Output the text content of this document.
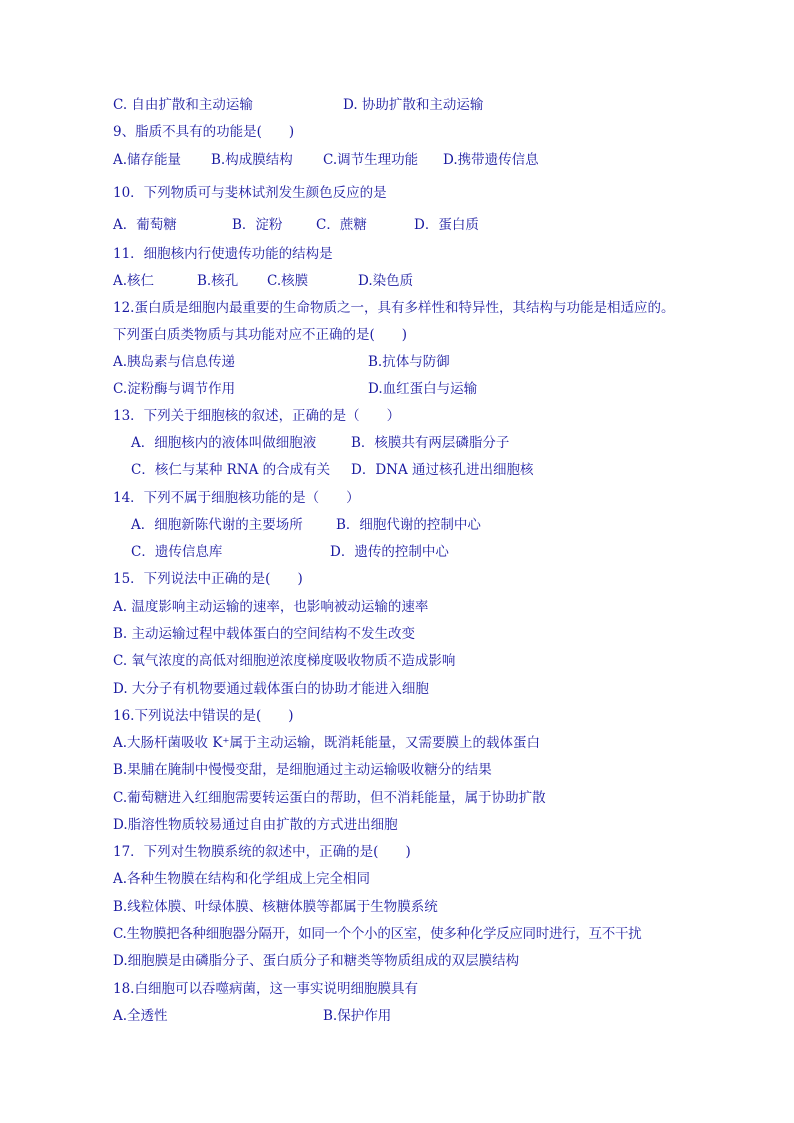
C. 自由扩散和主动运输	D. 协助扩散和主动运输
9、脂质不具有的功能是(　　)
A.储存能量 B.构成膜结构 C.调节生理功能 D.携带遗传信息
10．下列物质可与斐林试剂发生颜色反应的是
A．葡萄糖	B．淀粉 C．蔗糖	D．蛋白质
11．细胞核内行使遗传功能的结构是
A.核仁	B.核孔 C.核膜	D.染色质
12.蛋白质是细胞内最重要的生命物质之一，具有多样性和特异性，其结构与功能是相适应的。
下列蛋白质类物质与其功能对应不正确的是(　　)
A.胰岛素与信息传递	B.抗体与防御
C.淀粉酶与调节作用	D.血红蛋白与运输
13．下列关于细胞核的叙述，正确的是（　　）
A．细胞核内的液体叫做细胞液	B．核膜共有两层磷脂分子
C．核仁与某种 RNA 的合成有关 D．DNA 通过核孔进出细胞核
14．下列不属于细胞核功能的是（　　）
A．细胞新陈代谢的主要场所 B．细胞代谢的控制中心
C．遗传信息库	D．遗传的控制中心
15．下列说法中正确的是(　　)
A. 温度影响主动运输的速率，也影响被动运输的速率
B. 主动运输过程中载体蛋白的空间结构不发生改变
C. 氧气浓度的高低对细胞逆浓度梯度吸收物质不造成影响
D. 大分子有机物要通过载体蛋白的协助才能进入细胞
16.下列说法中错误的是(　　)
A.大肠杆菌吸收 K⁺属于主动运输，既消耗能量，又需要膜上的载体蛋白
B.果脯在腌制中慢慢变甜，是细胞通过主动运输吸收糖分的结果
C.葡萄糖进入红细胞需要转运蛋白的帮助，但不消耗能量，属于协助扩散
D.脂溶性物质较易通过自由扩散的方式进出细胞
17．下列对生物膜系统的叙述中，正确的是(　　)
A.各种生物膜在结构和化学组成上完全相同
B.线粒体膜、叶绿体膜、核糖体膜等都属于生物膜系统
C.生物膜把各种细胞器分隔开，如同一个个小的区室，使多种化学反应同时进行，互不干扰
D.细胞膜是由磷脂分子、蛋白质分子和糖类等物质组成的双层膜结构
18.白细胞可以吞噬病菌，这一事实说明细胞膜具有
A.全透性	B.保护作用
